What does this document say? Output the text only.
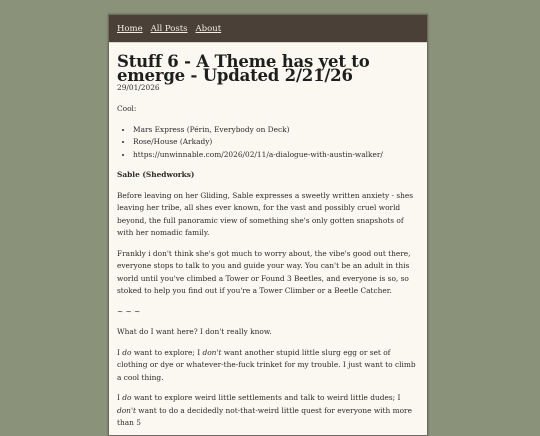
Home All Posts About
Stuff 6 - A Theme has yet to emerge - Updated 2/21/26
29/01/2026

Cool:

• Mars Express (Périn, Everybody on Deck)
• Rose/House (Arkady)
• https://unwinnable.com/2026/02/11/a-dialogue-with-austin-walker/

Sable (Shedworks)

Before leaving on her Gliding, Sable expresses a sweetly written anxiety - shes leaving her tribe, all shes ever known, for the vast and possibly cruel world beyond, the full panoramic view of something she's only gotten snapshots of with her nomadic family.

Frankly i don't think she's got much to worry about, the vibe's good out there, everyone stops to talk to you and guide your way. You can't be an adult in this world until you've climbed a Tower or Found 3 Beetles, and everyone is so, so stoked to help you find out if you're a Tower Climber or a Beetle Catcher.

~ ~ ~

What do I want here? I don't really know.

I do want to explore; I don't want another stupid little slurg egg or set of clothing or dye or whatever-the-fuck trinket for my trouble. I just want to climb a cool thing.

I do want to explore weird little settlements and talk to weird little dudes; I don't want to do a decidedly not-that-weird little quest for everyone with more than 5
